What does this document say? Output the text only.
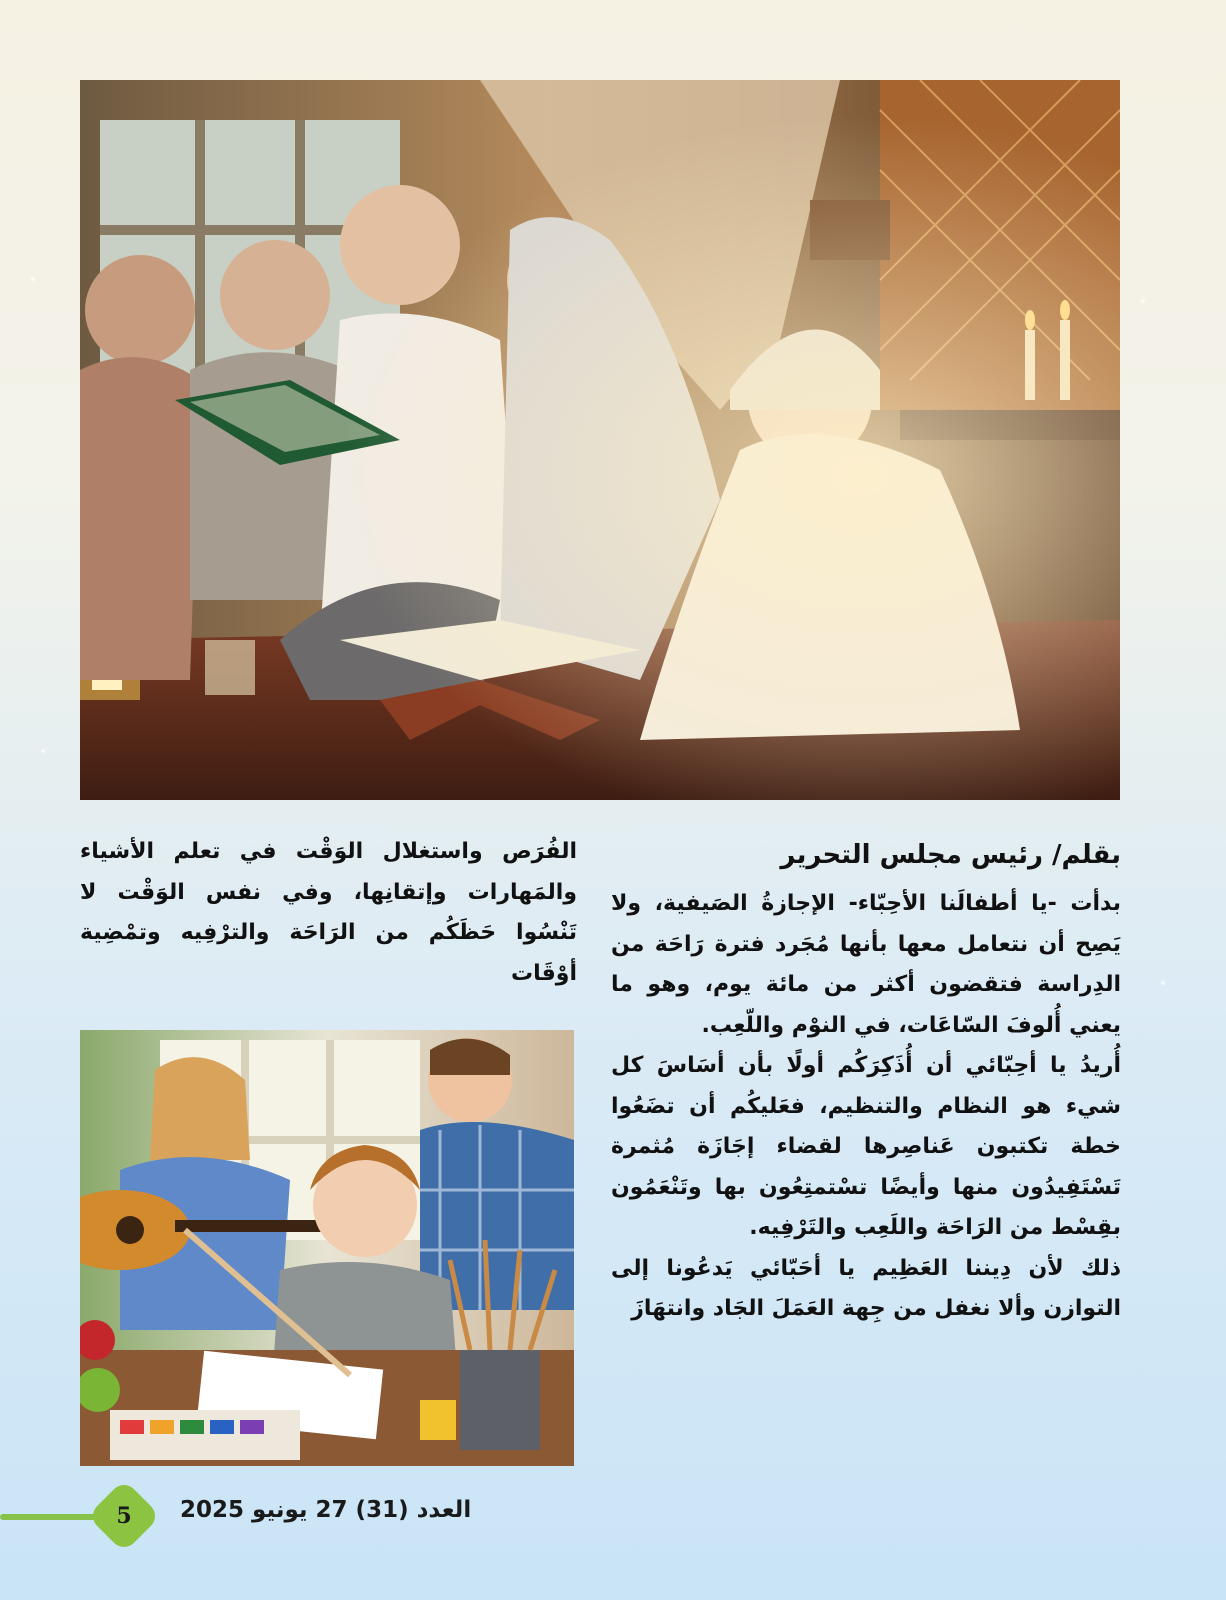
بقلم/ رئيس مجلس التحرير

بدأت -يا أطفالَنا الأحِبّاء- الإجازةُ الصَيفية، ولا يَصِح أن نتعامل معها بأنها مُجَرد فترة رَاحَة من الدِراسة فتقضون أكثر من مائة يوم، وهو ما يعني أُلوفَ السّاعَات، في النوْم واللّعِب.

أُريدُ يا أحِبّائي أن أُذَكِرَكُم أولًا بأن أسَاسَ كل شيء هو النظام والتنظيم، فعَليكُم أن تضَعُوا خطة تكتبون عَناصِرها لقضاء إجَازَة مُثمرة تَسْتَفِيدُون منها وأيضًا تسْتمتِعُون بها وتَنْعَمُون بقِسْط من الرَاحَة واللَعِب والتَرْفِيه.

ذلك لأن دِيننا العَظِيم يا أحَبّائي يَدعُونا إلى التوازن وألا نغفل من جِهة العَمَلَ الجَاد وانتهَازَ

الفُرَص واستغلال الوَقْت في تعلم الأشياء والمَهارات وإتقانِها، وفي نفس الوَقْت لا تَنْسُوا حَظَكُم من الرَاحَة والترْفِيه وتمْضِية أوْقَات

5	العدد (31) 27 يونيو 2025
